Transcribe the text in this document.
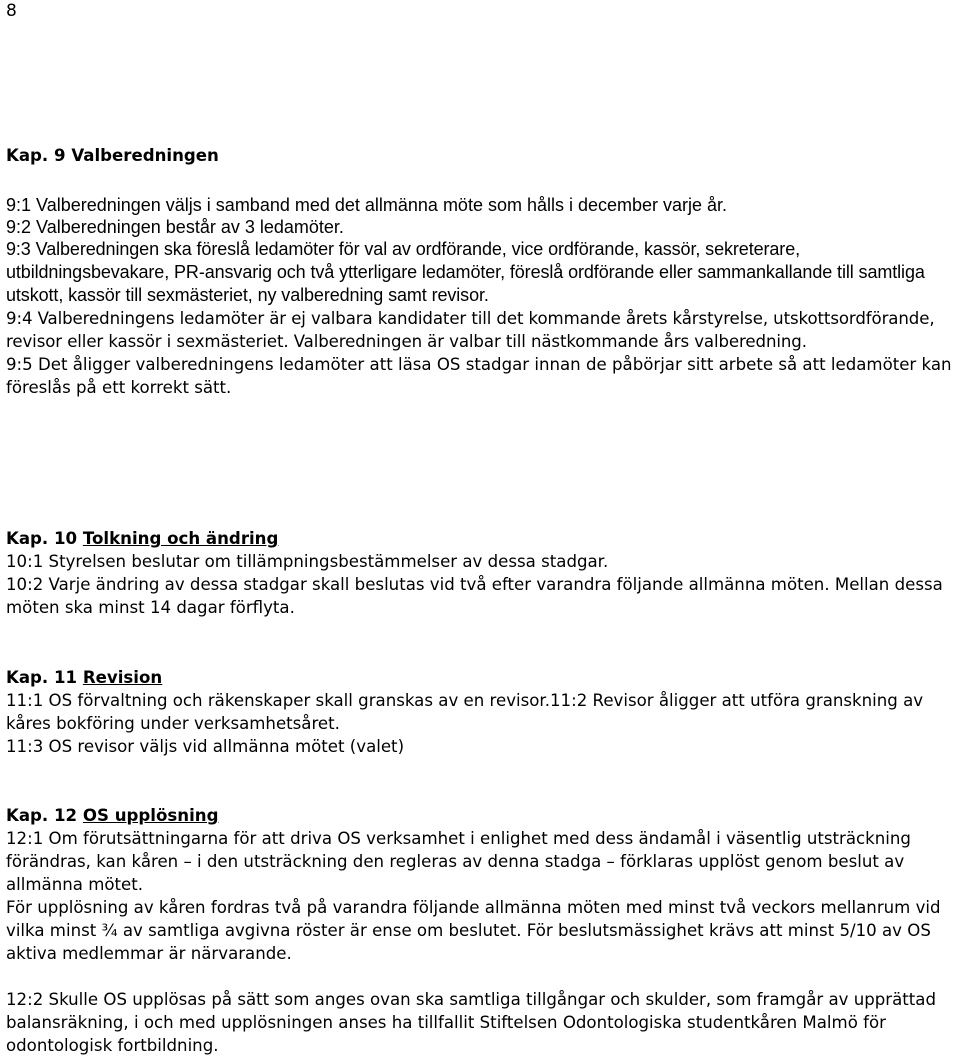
8

Kap. 9 Valberedningen

9:1 Valberedningen väljs i samband med det allmänna möte som hålls i december varje år.

9:2 Valberedningen består av 3 ledamöter.

9:3 Valberedningen ska föreslå ledamöter för val av ordförande, vice ordförande, kassör, sekreterare, utbildningsbevakare, PR-ansvarig och två ytterligare ledamöter, föreslå ordförande eller sammankallande till samtliga utskott, kassör till sexmästeriet, ny valberedning samt revisor.

9:4 Valberedningens ledamöter är ej valbara kandidater till det kommande årets kårstyrelse, utskottsordförande, revisor eller kassör i sexmästeriet. Valberedningen är valbar till nästkommande års valberedning.

9:5 Det åligger valberedningens ledamöter att läsa OS stadgar innan de påbörjar sitt arbete så att ledamöter kan föreslås på ett korrekt sätt.

Kap. 10 Tolkning och ändring

10:1 Styrelsen beslutar om tillämpningsbestämmelser av dessa stadgar.

10:2 Varje ändring av dessa stadgar skall beslutas vid två efter varandra följande allmänna möten. Mellan dessa möten ska minst 14 dagar förflyta.

Kap. 11 Revision

11:1 OS förvaltning och räkenskaper skall granskas av en revisor.11:2 Revisor åligger att utföra granskning av kåres bokföring under verksamhetsåret.

11:3 OS revisor väljs vid allmänna mötet (valet)

Kap. 12 OS upplösning

12:1 Om förutsättningarna för att driva OS verksamhet i enlighet med dess ändamål i väsentlig utsträckning förändras, kan kåren – i den utsträckning den regleras av denna stadga – förklaras upplöst genom beslut av allmänna mötet.

För upplösning av kåren fordras två på varandra följande allmänna möten med minst två veckors mellanrum vid vilka minst ¾ av samtliga avgivna röster är ense om beslutet. För beslutsmässighet krävs att minst 5/10 av OS aktiva medlemmar är närvarande.

12:2 Skulle OS upplösas på sätt som anges ovan ska samtliga tillgångar och skulder, som framgår av upprättad balansräkning, i och med upplösningen anses ha tillfallit Stiftelsen Odontologiska studentkåren Malmö för odontologisk fortbildning.
